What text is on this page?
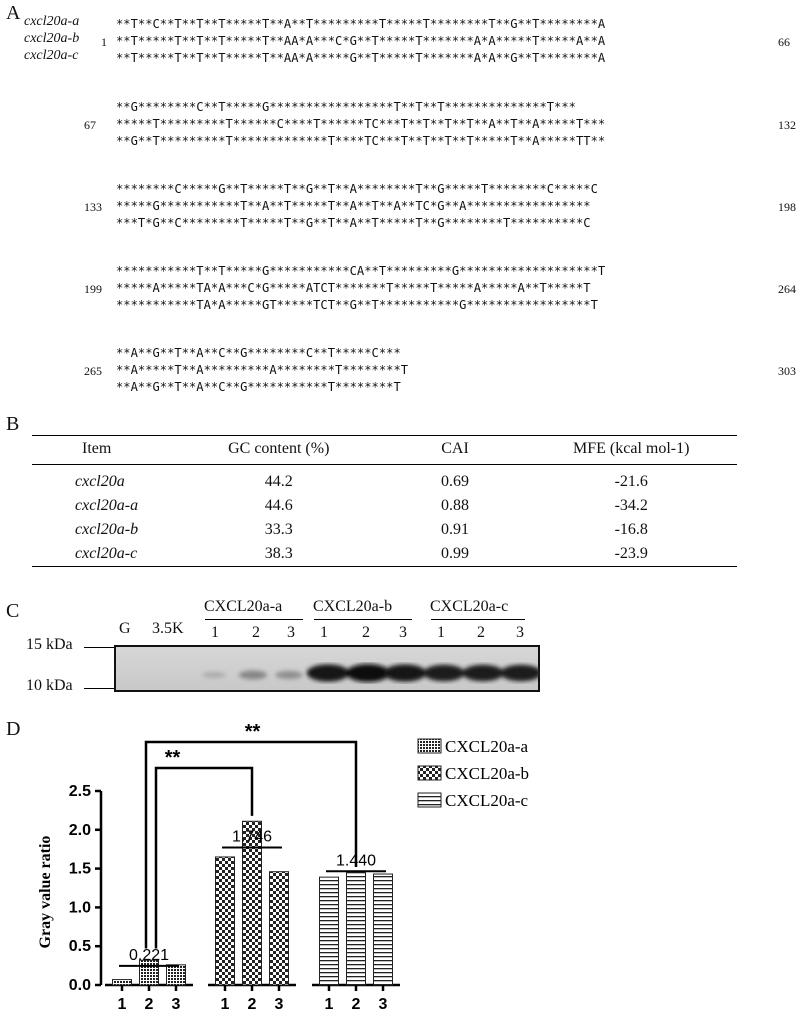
A	**T**C**T**T**T*****T**A**T*********T*****T********T**G**T********A
**T*****T**T**T*****T**AA*A***C*G**T*****T*******A*A*****T*****A**A
**T*****T**T**T*****T**AA*A*****G**T*****T*******A*A**G**T********A
1	66
**G********C**T*****G*****************T**T**T**************T***
*****T*********T******C****T******TC***T**T**T**T**A**T**A*****T***
**G**T*********T*************T****TC***T**T**T**T*****T**A*****TT**
67	132
********C*****G**T*****T**G**T**A********T**G*****T********C*****C
*****G***********T**A**T*****T**A**T**A**TC*G**A*****************
***T*G**C********T*****T**G**T**A**T*****T**G********T**********C
133	198
***********T**T*****G***********CA**T*********G*******************T
*****A*****TA*A***C*G*****ATCT*******T*****T*****A*****A**T*****T
***********TA*A*****GT*****TCT**G**T***********G*****************T
199	264
**A**G**T**A**C**G********C**T*****C***
**A*****T**A*********A********T********T
**A**G**T**A**C**G***********T********T
265	303
cxcl20a-a
cxcl20a-b
cxcl20a-c
B
Item	GC content (%)	CAI	MFE (kcal mol-1)
cxcl20a	44.2	0.69	-21.6
cxcl20a-a	44.6	0.88	-34.2
cxcl20a-b	33.3	0.91	-16.8
cxcl20a-c	38.3	0.99	-23.9
C
G 3.5K
CXCL20a-a
1 2 3
CXCL20a-b
1 2 3
CXCL20a-c
1 2 3
15 kDa
10 kDa
D
0.0
0.5
1.0
1.5
2.0
2.5
Gray value ratio
1 2 3
0.221
1 2 3
1.746
1 2 3
1.440
**
**
CXCL20a-a
CXCL20a-b
CXCL20a-c
